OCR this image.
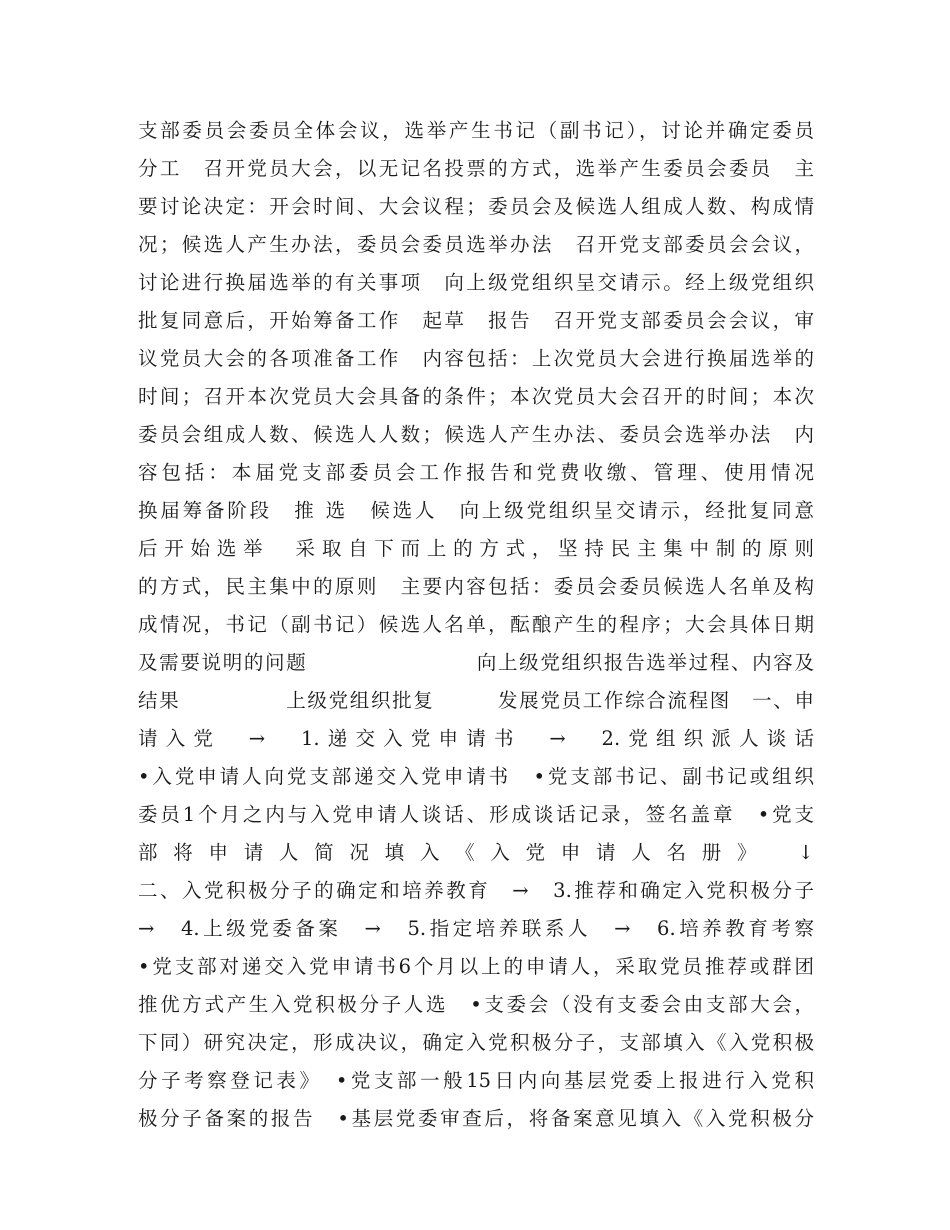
支部委员会委员全体会议，选举产生书记（副书记），讨论并确定委员
分工　召开党员大会，以无记名投票的方式，选举产生委员会委员　主
要讨论决定：开会时间、大会议程；委员会及候选人组成人数、构成情
况；候选人产生办法，委员会委员选举办法　召开党支部委员会会议，
讨论进行换届选举的有关事项　向上级党组织呈交请示。经上级党组织
批复同意后，开始筹备工作　起草　报告　召开党支部委员会会议，审
议党员大会的各项准备工作　内容包括：上次党员大会进行换届选举的
时间；召开本次党员大会具备的条件；本次党员大会召开的时间；本次
委员会组成人数、候选人人数；候选人产生办法、委员会选举办法　内
容包括：本届党支部委员会工作报告和党费收缴、管理、使用情况
换届筹备阶段　推 选　候选人　向上级党组织呈交请示，经批复同意
后开始选举　采取自下而上的方式，坚持民主集中制的原则
的方式，民主集中的原则　主要内容包括：委员会委员候选人名单及构
成情况，书记（副书记）候选人名单，酝酿产生的程序；大会具体日期
及需要说明的问题　　　　　　　　向上级党组织报告选举过程、内容及
结果　　　　　上级党组织批复　　　发展党员工作综合流程图　一、申
请入党　→　1.递交入党申请书　→　2.党组织派人谈话
•入党申请人向党支部递交入党申请书　•党支部书记、副书记或组织
委员1个月之内与入党申请人谈话、形成谈话记录，签名盖章　•党支
部将申请人简况填入《入党申请人名册》　↓
二、入党积极分子的确定和培养教育　→　3.推荐和确定入党积极分子
→　4.上级党委备案　→　5.指定培养联系人　→　6.培养教育考察
•党支部对递交入党申请书6个月以上的申请人，采取党员推荐或群团
推优方式产生入党积极分子人选　•支委会（没有支委会由支部大会，
下同）研究决定，形成决议，确定入党积极分子，支部填入《入党积极
分子考察登记表》　•党支部一般15日内向基层党委上报进行入党积
极分子备案的报告　•基层党委审查后，将备案意见填入《入党积极分
